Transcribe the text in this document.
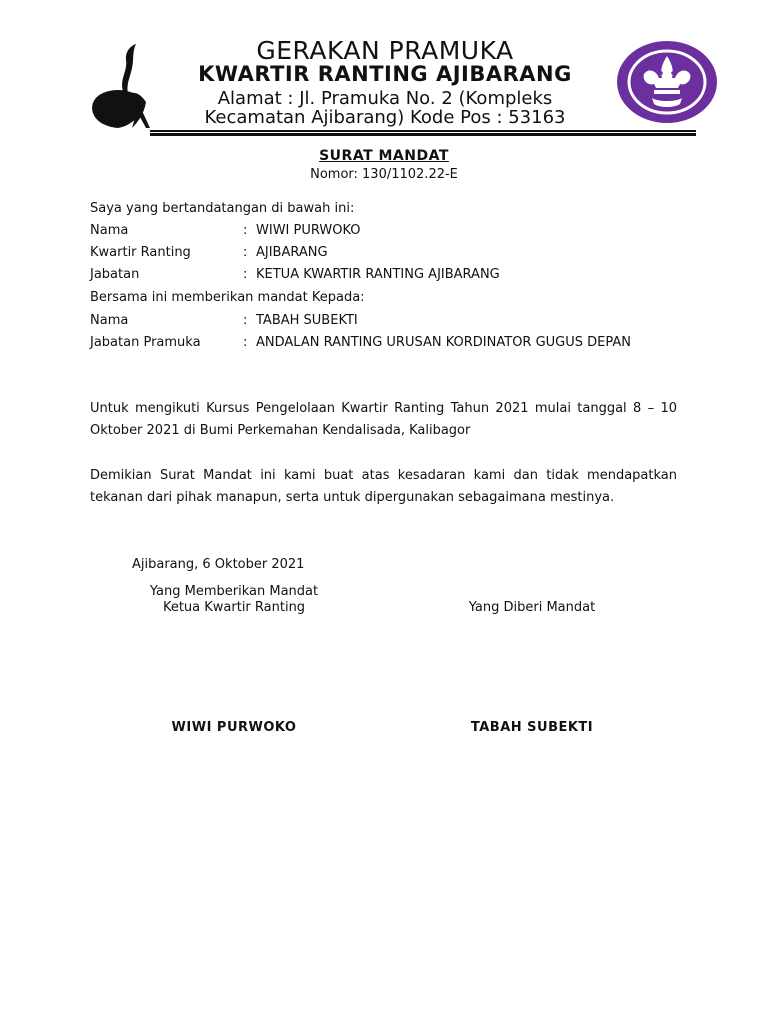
GERAKAN PRAMUKA
KWARTIR RANTING AJIBARANG
Alamat : Jl. Pramuka No. 2 (Kompleks
Kecamatan Ajibarang) Kode Pos : 53163
SURAT MANDAT
Nomor: 130/1102.22-E
Saya yang bertandatangan di bawah ini:
Nama	: WIWI PURWOKO
Kwartir Ranting	: AJIBARANG
Jabatan	: KETUA KWARTIR RANTING AJIBARANG
Bersama ini memberikan mandat Kepada:
Nama	: TABAH SUBEKTI
Jabatan Pramuka	: ANDALAN RANTING URUSAN KORDINATOR GUGUS DEPAN
Untuk mengikuti Kursus Pengelolaan Kwartir Ranting Tahun 2021 mulai tanggal 8 – 10 Oktober 2021 di Bumi Perkemahan Kendalisada, Kalibagor
Demikian Surat Mandat ini kami buat atas kesadaran kami dan tidak mendapatkan tekanan dari pihak manapun, serta untuk dipergunakan sebagaimana mestinya.
Ajibarang, 6 Oktober 2021
Yang Memberikan Mandat
Ketua Kwartir Ranting	Yang Diberi Mandat
WIWI PURWOKO	TABAH SUBEKTI
